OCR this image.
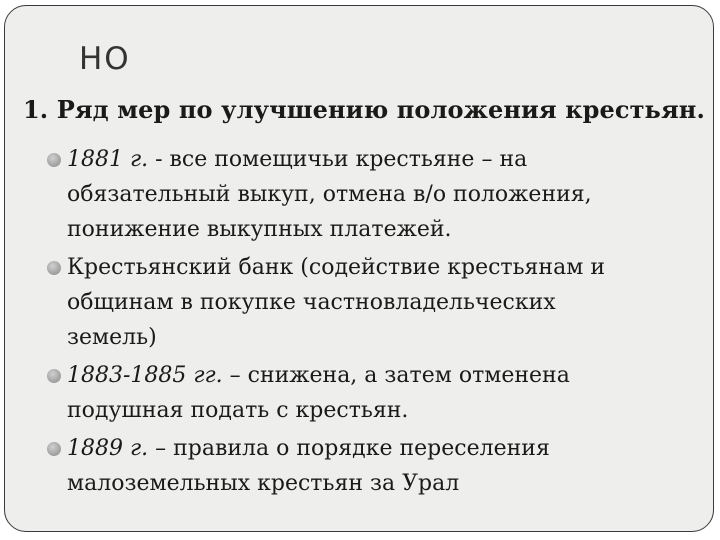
НО
1. Ряд мер по улучшению положения крестьян.
1881 г. - все помещичьи крестьяне – на
обязательный выкуп, отмена в/о положения,
понижение выкупных платежей.
Крестьянский банк (содействие крестьянам и
общинам в покупке частновладельческих
земель)
1883-1885 гг. – снижена, а затем отменена
подушная подать с крестьян.
1889 г. – правила о порядке переселения
малоземельных крестьян за Урал
